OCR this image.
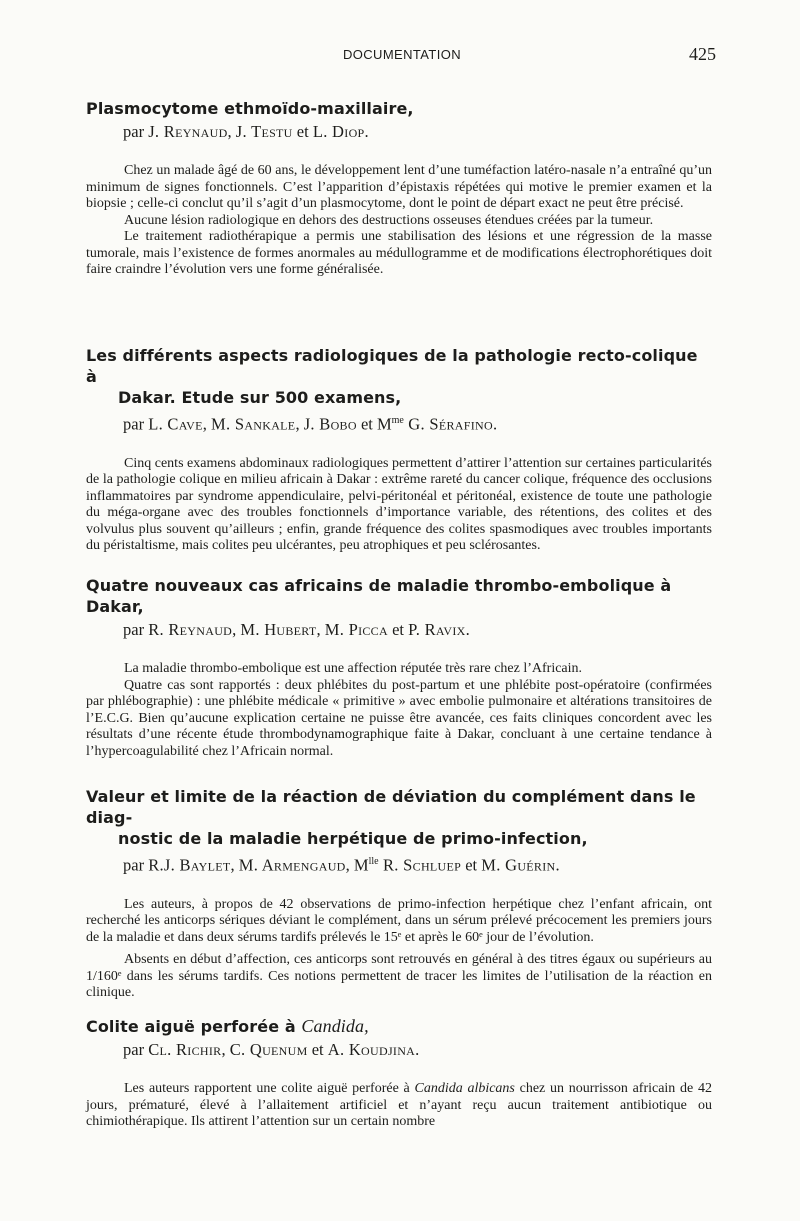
DOCUMENTATION	425
Plasmocytome ethmoïdo-maxillaire,
par J. Reynaud, J. Testu et L. Diop.

Chez un malade âgé de 60 ans, le développement lent d’une tuméfaction latéro-nasale n’a entraîné qu’un minimum de signes fonctionnels. C’est l’apparition d’épistaxis répétées qui motive le premier examen et la biopsie ; celle-ci conclut qu’il s’agit d’un plasmocytome, dont le point de départ exact ne peut être précisé.

Aucune lésion radiologique en dehors des destructions osseuses étendues créées par la tumeur.

Le traitement radiothérapique a permis une stabilisation des lésions et une régression de la masse tumorale, mais l’existence de formes anormales au médullogramme et de modifications électrophorétiques doit faire craindre l’évolution vers une forme généralisée.

Les différents aspects radiologiques de la pathologie recto-colique à
Dakar. Etude sur 500 examens,
par L. Cave, M. Sankale, J. Bobo et $M^{me}$ G. Sérafino.

Cinq cents examens abdominaux radiologiques permettent d’attirer l’attention sur certaines particularités de la pathologie colique en milieu africain à Dakar : extrême rareté du cancer colique, fréquence des occlusions inflammatoires par syndrome appendiculaire, pelvi-péritonéal et péritonéal, existence de toute une pathologie du méga-organe avec des troubles fonctionnels d’importance variable, des rétentions, des colites et des volvulus plus souvent qu’ailleurs ; enfin, grande fréquence des colites spasmodiques avec troubles importants du péristaltisme, mais colites peu ulcérantes, peu atrophiques et peu sclérosantes.

Quatre nouveaux cas africains de maladie thrombo-embolique à Dakar,
par R. Reynaud, M. Hubert, M. Picca et P. Ravix.

La maladie thrombo-embolique est une affection réputée très rare chez l’Africain.

Quatre cas sont rapportés : deux phlébites du post-partum et une phlébite post-opératoire (confirmées par phlébographie) : une phlébite médicale « primitive » avec embolie pulmonaire et altérations transitoires de l’E.C.G. Bien qu’aucune explication certaine ne puisse être avancée, ces faits cliniques concordent avec les résultats d’une récente étude thrombodynamographique faite à Dakar, concluant à une certaine tendance à l’hypercoagulabilité chez l’Africain normal.

Valeur et limite de la réaction de déviation du complément dans le diag-
nostic de la maladie herpétique de primo-infection,
par R.J. Baylet, M. Armengaud, $M^{lle}$ R. Schluep et M. Guérin.

Les auteurs, à propos de 42 observations de primo-infection herpétique chez l’enfant africain, ont recherché les anticorps sériques déviant le complément, dans un sérum prélevé précocement les premiers jours de la maladie et dans deux sérums tardifs prélevés le 15ᵉ et après le 60ᵉ jour de l’évolution.

Absents en début d’affection, ces anticorps sont retrouvés en général à des titres égaux ou supérieurs au 1/160ᵉ dans les sérums tardifs. Ces notions permettent de tracer les limites de l’utilisation de la réaction en clinique.

Colite aiguë perforée à Candida,
par Cl. Richir, C. Quenum et A. Koudjina.

Les auteurs rapportent une colite aiguë perforée à Candida albicans chez un nourrisson africain de 42 jours, prématuré, élevé à l’allaitement artificiel et n’ayant reçu aucun traitement antibiotique ou chimiothérapique. Ils attirent l’attention sur un certain nombre
